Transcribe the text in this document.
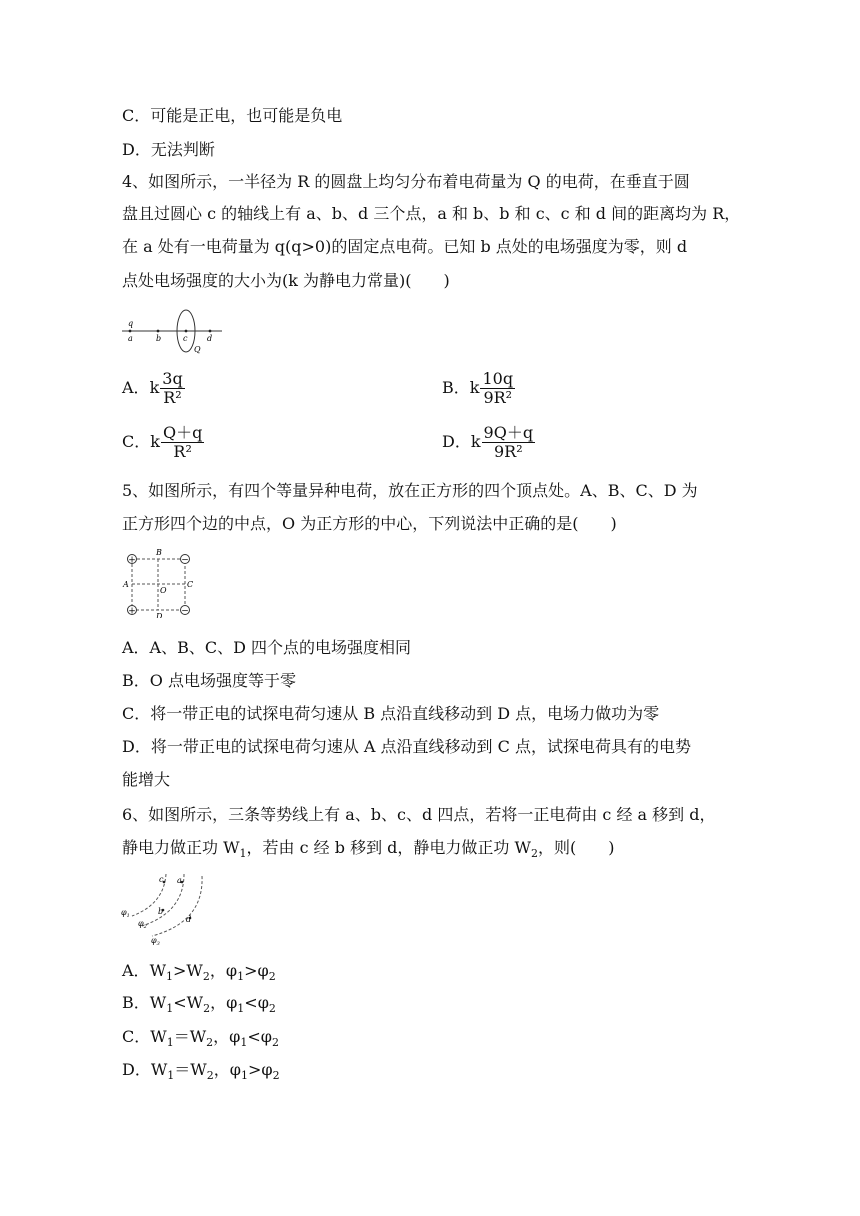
C．可能是正电，也可能是负电
D．无法判断
4、如图所示，一半径为 R 的圆盘上均匀分布着电荷量为 Q 的电荷，在垂直于圆
盘且过圆心 c 的轴线上有 a、b、d 三个点，a 和 b、b 和 c、c 和 d 间的距离均为 R，
在 a 处有一电荷量为 q(q>0)的固定点电荷。已知 b 点处的电场强度为零，则 d
点处电场强度的大小为(k 为静电力常量)(　　)
q
a	b	c d
Q
A．k $\frac{3q}{\text{R²}}$	B．k $\frac{10q}{\text{9R²}}$
C．k $\frac{Q+q}{\text{R²}}$	D．k $\frac{9Q+q}{\text{9R²}}$
5、如图所示，有四个等量异种电荷，放在正方形的四个顶点处。A、B、C、D 为
正方形四个边的中点，O 为正方形的中心，下列说法中正确的是(　　)
+	−
+	−
B
A	C
O
D
A．A、B、C、D 四个点的电场强度相同
B．O 点电场强度等于零
C．将一带正电的试探电荷匀速从 B 点沿直线移动到 D 点，电场力做功为零
D．将一带正电的试探电荷匀速从 A 点沿直线移动到 C 点，试探电荷具有的电势
能增大
6、如图所示，三条等势线上有 a、b、c、d 四点，若将一正电荷由 c 经 a 移到 d，
静电力做正功 $W_1$，若由 c 经 b 移到 d，静电力做正功 $W_2$，则(　　)
c a
b
d
$\varphi_1$
$\varphi_2$
$\varphi_3$
A．$W_1>W_2$，$\varphi_1>\varphi_2$
B．$W_1<W_2$，$\varphi_1<\varphi_2$
C．$W_1=W_2$，$\varphi_1<\varphi_2$
D．$W_1=W_2$，$\varphi_1>\varphi_2$
